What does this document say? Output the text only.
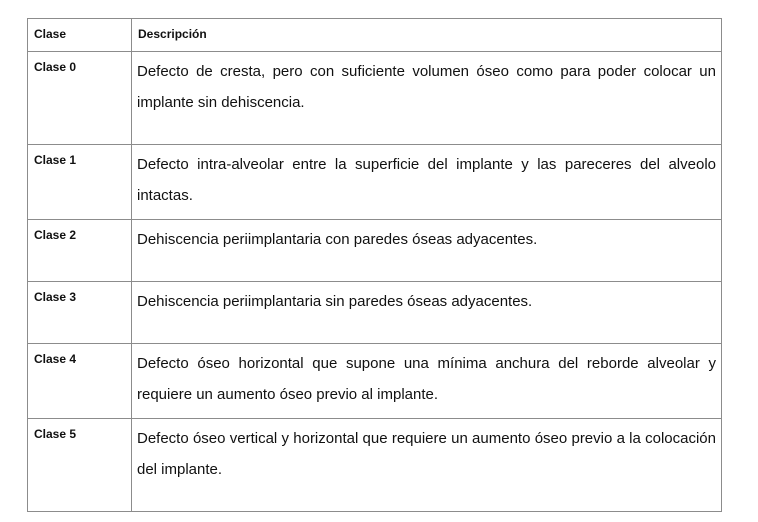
Clase	Descripción

Clase 0	Defecto de cresta, pero con suficiente volumen óseo como para poder colocar un implante sin dehiscencia.

Clase 1	Defecto intra-alveolar entre la superficie del implante y las pareceres del alveolo intactas.

Clase 2	Dehiscencia periimplantaria con paredes óseas adyacentes.

Clase 3	Dehiscencia periimplantaria sin paredes óseas adyacentes.

Clase 4	Defecto óseo horizontal que supone una mínima anchura del reborde alveolar y requiere un aumento óseo previo al implante.

Clase 5	Defecto óseo vertical y horizontal que requiere un aumento óseo previo a la colocación del implante.
